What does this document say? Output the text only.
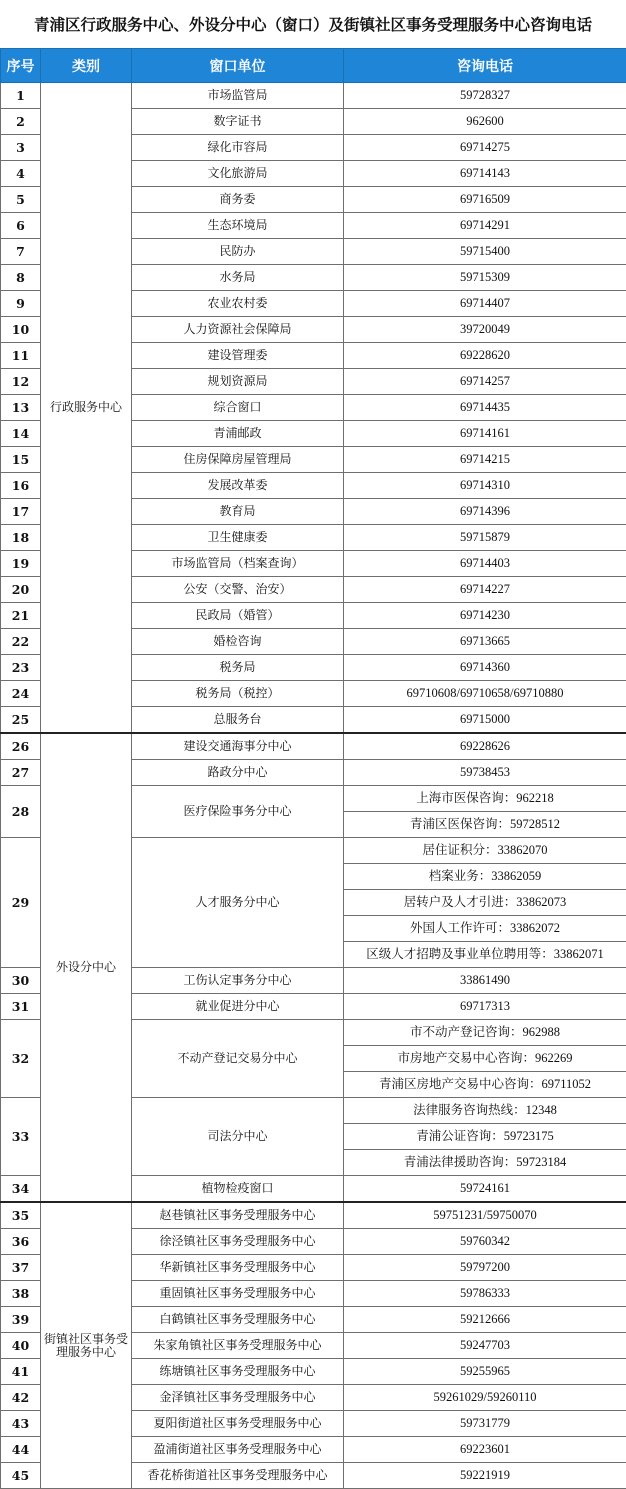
青浦区行政服务中心、外设分中心（窗口）及街镇社区事务受理服务中心咨询电话
序号	类别	窗口单位	咨询电话
1	行政服务中心	市场监管局	59728327
2		数字证书	962600
3		绿化市容局	69714275
4		文化旅游局	69714143
5		商务委	69716509
6		生态环境局	69714291
7		民防办	59715400
8		水务局	59715309
9		农业农村委	69714407
10		人力资源社会保障局	39720049
11		建设管理委	69228620
12		规划资源局	69714257
13		综合窗口	69714435
14		青浦邮政	69714161
15		住房保障房屋管理局	69714215
16		发展改革委	69714310
17		教育局	69714396
18		卫生健康委	59715879
19		市场监管局（档案查询）	69714403
20		公安（交警、治安）	69714227
21		民政局（婚管）	69714230
22		婚检咨询	69713665
23		税务局	69714360
24		税务局（税控）	69710608/69710658/69710880
25		总服务台	69715000
26	外设分中心	建设交通海事分中心	69228626
27		路政分中心	59738453
28		医疗保险事务分中心	上海市医保咨询：962218
			青浦区医保咨询：59728512
29		人才服务分中心	居住证积分：33862070
			档案业务：33862059
			居转户及人才引进：33862073
			外国人工作许可：33862072
			区级人才招聘及事业单位聘用等：33862071
30		工伤认定事务分中心	33861490
31		就业促进分中心	69717313
32		不动产登记交易分中心	市不动产登记咨询：962988
			市房地产交易中心咨询：962269
			青浦区房地产交易中心咨询：69711052
33		司法分中心	法律服务咨询热线：12348
			青浦公证咨询：59723175
			青浦法律援助咨询：59723184
34		植物检疫窗口	59724161
35	街镇社区事务受理服务中心	赵巷镇社区事务受理服务中心	59751231/59750070
36		徐泾镇社区事务受理服务中心	59760342
37		华新镇社区事务受理服务中心	59797200
38		重固镇社区事务受理服务中心	59786333
39		白鹤镇社区事务受理服务中心	59212666
40		朱家角镇社区事务受理服务中心	59247703
41		练塘镇社区事务受理服务中心	59255965
42		金泽镇社区事务受理服务中心	59261029/59260110
43		夏阳街道社区事务受理服务中心	59731779
44		盈浦街道社区事务受理服务中心	69223601
45		香花桥街道社区事务受理服务中心	59221919
